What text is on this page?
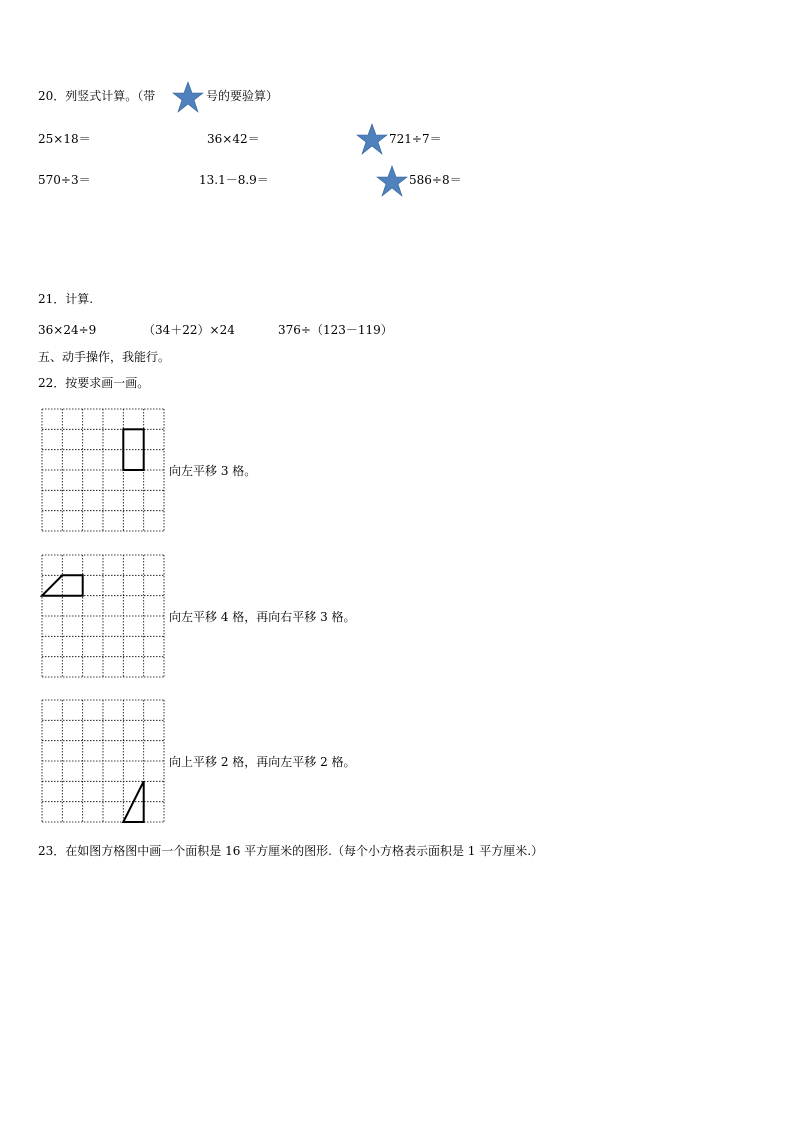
20．列竖式计算。（带	号的要验算）
25×18＝	36×42＝	721÷7＝
570÷3＝	13.1－8.9＝	586÷8＝
21．计算.
36×24÷9	（34＋22）×24	376÷（123－119）
五、动手操作，我能行。
22．按要求画一画。
向左平移 3 格。
向左平移 4 格，再向右平移 3 格。
向上平移 2 格，再向左平移 2 格。
23．在如图方格图中画一个面积是 16 平方厘米的图形.（每个小方格表示面积是 1 平方厘米.）
